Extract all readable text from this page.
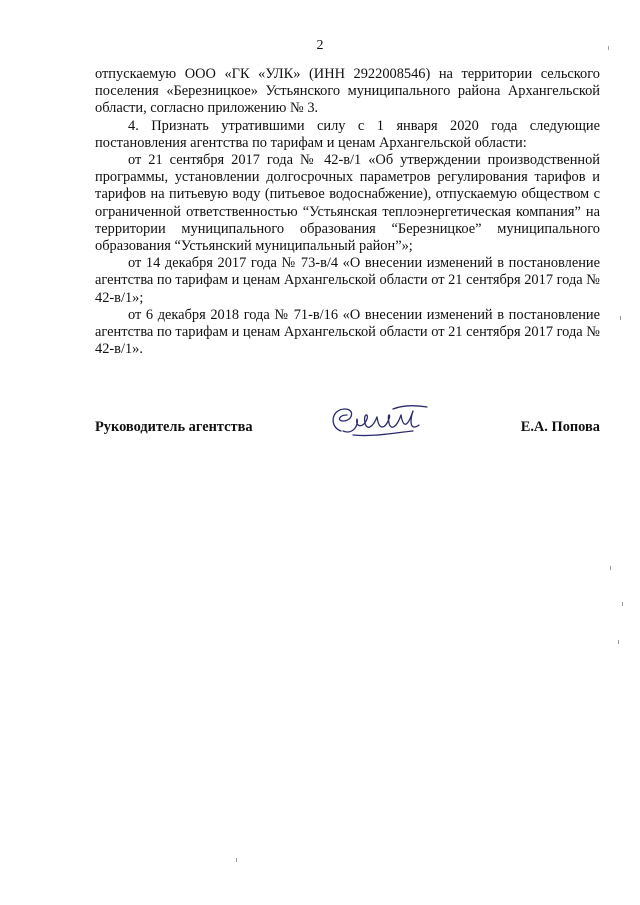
2

отпускаемую ООО «ГК «УЛК» (ИНН 2922008546) на территории сельского поселения «Березницкое» Устьянского муниципального района Архангельской области, согласно приложению № 3.

4. Признать утратившими силу с 1 января 2020 года следующие постановления агентства по тарифам и ценам Архангельской области:

от 21 сентября 2017 года № 42-в/1 «Об утверждении производственной программы, установлении долгосрочных параметров регулирования тарифов и тарифов на питьевую воду (питьевое водоснабжение), отпускаемую обществом с ограниченной ответственностью “Устьянская теплоэнергетическая компания” на территории муниципального образования “Березницкое” муниципального образования “Устьянский муниципальный район”»;

от 14 декабря 2017 года № 73-в/4 «О внесении изменений в постановление агентства по тарифам и ценам Архангельской области от 21 сентября 2017 года № 42-в/1»;

от 6 декабря 2018 года № 71-в/16 «О внесении изменений в постановление агентства по тарифам и ценам Архангельской области от 21 сентября 2017 года № 42-в/1».

Руководитель агентства	Е.А. Попова
